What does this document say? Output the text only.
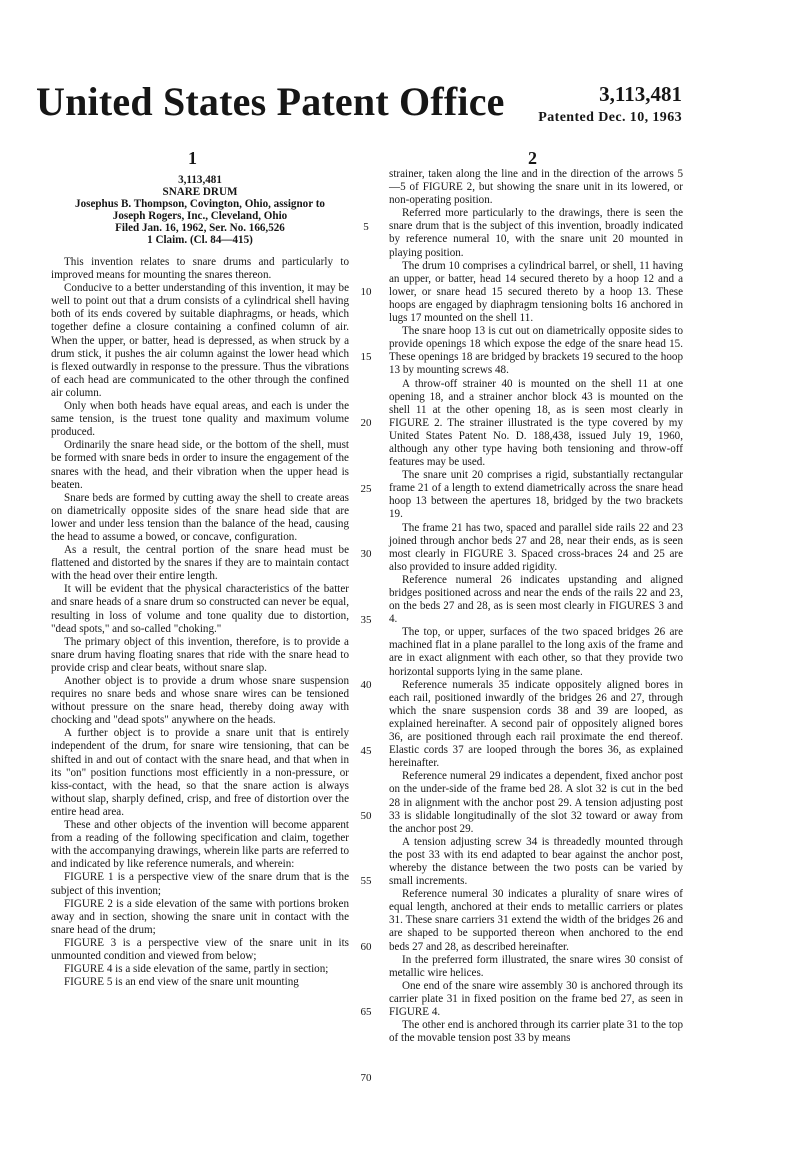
United States Patent Office	3,113,481
Patented Dec. 10, 1963
1	2
3,113,481
SNARE DRUM
Josephus B. Thompson, Covington, Ohio, assignor to
Joseph Rogers, Inc., Cleveland, Ohio
Filed Jan. 16, 1962, Ser. No. 166,526
1 Claim. (Cl. 84—415)

This invention relates to snare drums and particularly to improved means for mounting the snares thereon.

Conducive to a better understanding of this invention, it may be well to point out that a drum consists of a cylindrical shell having both of its ends covered by suitable diaphragms, or heads, which together define a closure containing a confined column of air. When the upper, or batter, head is depressed, as when struck by a drum stick, it pushes the air column against the lower head which is flexed outwardly in response to the pressure. Thus the vibrations of each head are communicated to the other through the confined air column.

Only when both heads have equal areas, and each is under the same tension, is the truest tone quality and maximum volume produced.

Ordinarily the snare head side, or the bottom of the shell, must be formed with snare beds in order to insure the engagement of the snares with the head, and their vibration when the upper head is beaten.

Snare beds are formed by cutting away the shell to create areas on diametrically opposite sides of the snare head side that are lower and under less tension than the balance of the head, causing the head to assume a bowed, or concave, configuration.

As a result, the central portion of the snare head must be flattened and distorted by the snares if they are to maintain contact with the head over their entire length.

It will be evident that the physical characteristics of the batter and snare heads of a snare drum so constructed can never be equal, resulting in loss of volume and tone quality due to distortion, "dead spots," and so-called "choking."

The primary object of this invention, therefore, is to provide a snare drum having floating snares that ride with the snare head to provide crisp and clear beats, without snare slap.

Another object is to provide a drum whose snare suspension requires no snare beds and whose snare wires can be tensioned without pressure on the snare head, thereby doing away with chocking and "dead spots" anywhere on the heads.

A further object is to provide a snare unit that is entirely independent of the drum, for snare wire tensioning, that can be shifted in and out of contact with the snare head, and that when in its "on" position functions most efficiently in a non-pressure, or kiss-contact, with the head, so that the snare action is always without slap, sharply defined, crisp, and free of distortion over the entire head area.

These and other objects of the invention will become apparent from a reading of the following specification and claim, together with the accompanying drawings, wherein like parts are referred to and indicated by like reference numerals, and wherein:

FIGURE 1 is a perspective view of the snare drum that is the subject of this invention;

FIGURE 2 is a side elevation of the same with portions broken away and in section, showing the snare unit in contact with the snare head of the drum;

FIGURE 3 is a perspective view of the snare unit in its unmounted condition and viewed from below;

FIGURE 4 is a side elevation of the same, partly in section;

FIGURE 5 is an end view of the snare unit mounting

5
10
15
20
25
30
35
40
45
50
55
60
65
70

strainer, taken along the line and in the direction of the arrows 5—5 of FIGURE 2, but showing the snare unit in its lowered, or non-operating position.

Referred more particularly to the drawings, there is seen the snare drum that is the subject of this invention, broadly indicated by reference numeral 10, with the snare unit 20 mounted in playing position.

The drum 10 comprises a cylindrical barrel, or shell, 11 having an upper, or batter, head 14 secured thereto by a hoop 12 and a lower, or snare head 15 secured thereto by a hoop 13. These hoops are engaged by diaphragm tensioning bolts 16 anchored in lugs 17 mounted on the shell 11.

The snare hoop 13 is cut out on diametrically opposite sides to provide openings 18 which expose the edge of the snare head 15. These openings 18 are bridged by brackets 19 secured to the hoop 13 by mounting screws 48.

A throw-off strainer 40 is mounted on the shell 11 at one opening 18, and a strainer anchor block 43 is mounted on the shell 11 at the other opening 18, as is seen most clearly in FIGURE 2. The strainer illustrated is the type covered by my United States Patent No. D. 188,438, issued July 19, 1960, although any other type having both tensioning and throw-off features may be used.

The snare unit 20 comprises a rigid, substantially rectangular frame 21 of a length to extend diametrically across the snare head hoop 13 between the apertures 18, bridged by the two brackets 19.

The frame 21 has two, spaced and parallel side rails 22 and 23 joined through anchor beds 27 and 28, near their ends, as is seen most clearly in FIGURE 3. Spaced cross-braces 24 and 25 are also provided to insure added rigidity.

Reference numeral 26 indicates upstanding and aligned bridges positioned across and near the ends of the rails 22 and 23, on the beds 27 and 28, as is seen most clearly in FIGURES 3 and 4.

The top, or upper, surfaces of the two spaced bridges 26 are machined flat in a plane parallel to the long axis of the frame and are in exact alignment with each other, so that they provide two horizontal supports lying in the same plane.

Reference numerals 35 indicate oppositely aligned bores in each rail, positioned inwardly of the bridges 26 and 27, through which the snare suspension cords 38 and 39 are looped, as explained hereinafter. A second pair of oppositely aligned bores 36, are positioned through each rail proximate the end thereof. Elastic cords 37 are looped through the bores 36, as explained hereinafter.

Reference numeral 29 indicates a dependent, fixed anchor post on the under-side of the frame bed 28. A slot 32 is cut in the bed 28 in alignment with the anchor post 29. A tension adjusting post 33 is slidable longitudinally of the slot 32 toward or away from the anchor post 29.

A tension adjusting screw 34 is threadedly mounted through the post 33 with its end adapted to bear against the anchor post, whereby the distance between the two posts can be varied by small increments.

Reference numeral 30 indicates a plurality of snare wires of equal length, anchored at their ends to metallic carriers or plates 31. These snare carriers 31 extend the width of the bridges 26 and are shaped to be supported thereon when anchored to the end beds 27 and 28, as described hereinafter.

In the preferred form illustrated, the snare wires 30 consist of metallic wire helices.

One end of the snare wire assembly 30 is anchored through its carrier plate 31 in fixed position on the frame bed 27, as seen in FIGURE 4.

The other end is anchored through its carrier plate 31 to the top of the movable tension post 33 by means
